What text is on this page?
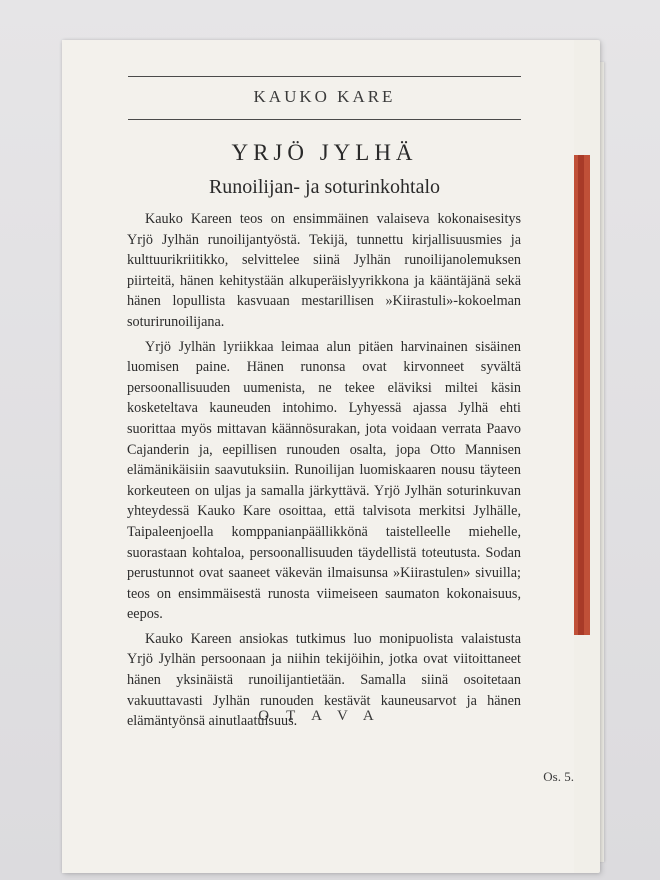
KAUKO KARE
YRJÖ JYLHÄ
Runoilijan- ja soturinkohtalo

Kauko Kareen teos on ensimmäinen valaiseva kokonaisesitys Yrjö Jylhän runoilijantyöstä. Tekijä, tunnettu kirjallisuusmies ja kulttuurikriitikko, selvittelee siinä Jylhän runoilijanolemuksen piirteitä, hänen kehitystään alkuperäislyyrikkona ja kääntäjänä sekä hänen lopullista kasvuaan mestarillisen »Kiirastuli»-kokoelman soturirunoilijana.

Yrjö Jylhän lyriikkaa leimaa alun pitäen harvinainen sisäinen luomisen paine. Hänen runonsa ovat kirvonneet syvältä persoonallisuuden uumenista, ne tekee eläviksi miltei käsin kosketeltava kauneuden intohimo. Lyhyessä ajassa Jylhä ehti suorittaa myös mittavan käännösurakan, jota voidaan verrata Paavo Cajanderin ja, eepillisen runouden osalta, jopa Otto Mannisen elämänikäisiin saavutuksiin. Runoilijan luomiskaaren nousu täyteen korkeuteen on uljas ja samalla järkyttävä. Yrjö Jylhän soturinkuvan yhteydessä Kauko Kare osoittaa, että talvisota merkitsi Jylhälle, Taipaleenjoella komppanianpäällikkönä taistelleelle miehelle, suorastaan kohtaloa, persoonallisuuden täydellistä toteutusta. Sodan perustunnot ovat saaneet väkevän ilmaisunsa »Kiirastulen» sivuilla; teos on ensimmäisestä runosta viimeiseen saumaton kokonaisuus, eepos.

Kauko Kareen ansiokas tutkimus luo monipuolista valaistusta Yrjö Jylhän persoonaan ja niihin tekijöihin, jotka ovat viitoittaneet hänen yksinäistä runoilijantietään. Samalla siinä osoitetaan vakuuttavasti Jylhän runouden kestävät kauneusarvot ja hänen elämäntyönsä ainutlaatuisuus.

OTAVA
Os. 5.
